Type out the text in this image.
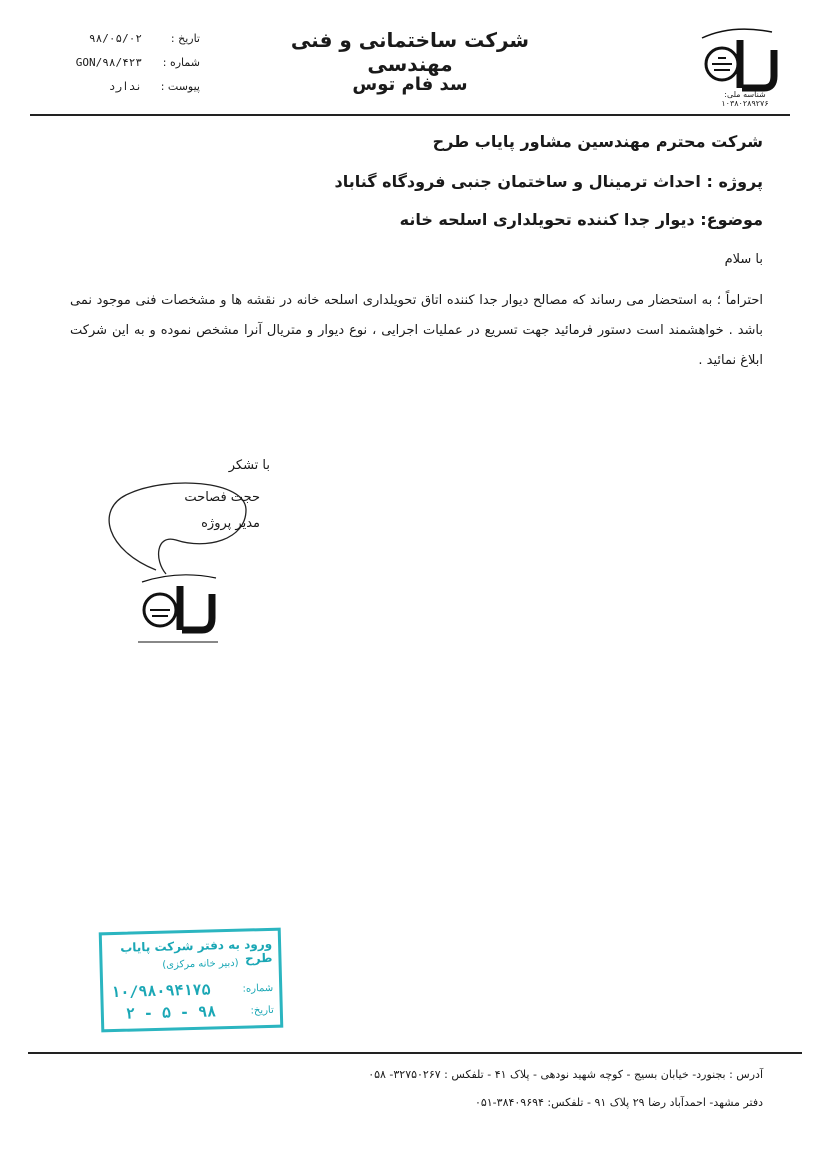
شرکت ساختمانی و فنی مهندسی
سد فام توس
تاریخ :
۹۸/۰۵/۰۲
شماره :
GON/۹۸/۴۲۳
پیوست :
ندارد
شناسه ملی: ۱۰۳۸۰۲۸۹۲۷۶
شرکت محترم مهندسین مشاور پایاب طرح
پروژه : احداث ترمینال و ساختمان جنبی فرودگاه گناباد
موضوع: دیوار جدا کننده تحویلداری اسلحه خانه
با سلام
احتراماً ؛ به استحضار می رساند که مصالح دیوار جدا کننده اتاق تحویلداری اسلحه خانه در نقشه ها و مشخصات فنی موجود نمی باشد . خواهشمند است دستور فرمائید جهت تسریع در عملیات اجرایی ، نوع دیوار و متریال آنرا مشخص نموده و به این شرکت ابلاغ نمائید .
با تشکر
حجت فصاحت
مدیر پروژه
ورود به دفتر شرکت پایاب طرح
(دبیر خانه مرکزی)
شماره:
تاریخ:
۱۰/۹۸۰۹۴۱۷۵
۹۸ - ۵ - ۲
آدرس : بجنورد- خیابان بسیج - کوچه شهید نودهی - پلاک ۴۱ - تلفکس : ۳۲۷۵۰۲۶۷- ۰۵۸
دفتر مشهد- احمدآباد رضا ۲۹ پلاک ۹۱ - تلفکس: ۳۸۴۰۹۶۹۴-۰۵۱
